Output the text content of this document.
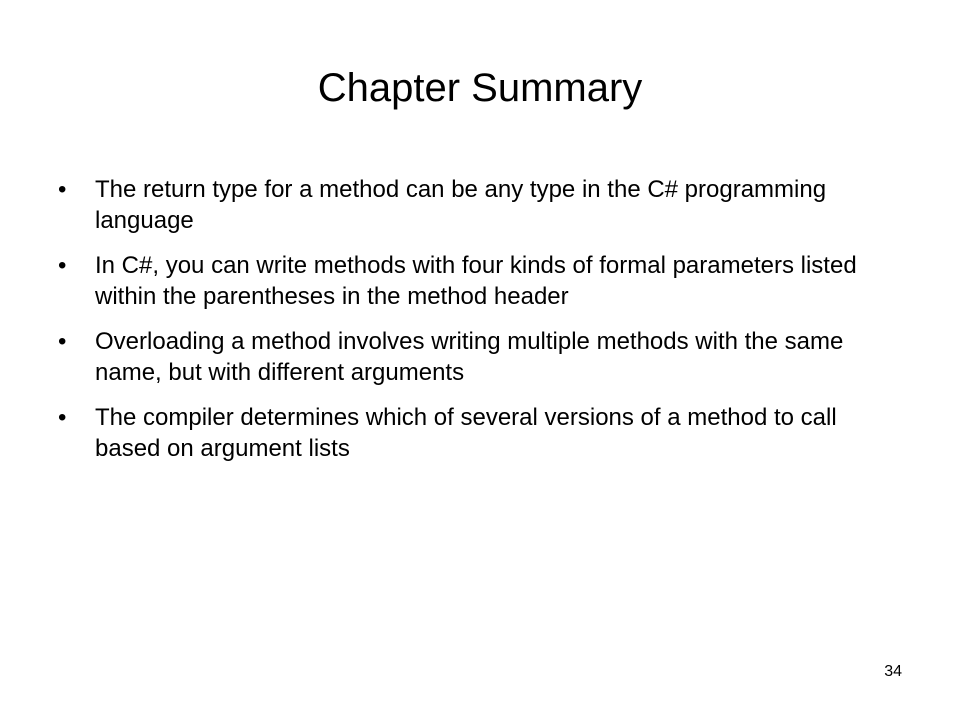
Chapter Summary
•	The return type for a method can be any type in the C# programming language
•	In C#, you can write methods with four kinds of formal parameters listed within the parentheses in the method header
•	Overloading a method involves writing multiple methods with the same name, but with different arguments
•	The compiler determines which of several versions of a method to call based on argument lists
34
